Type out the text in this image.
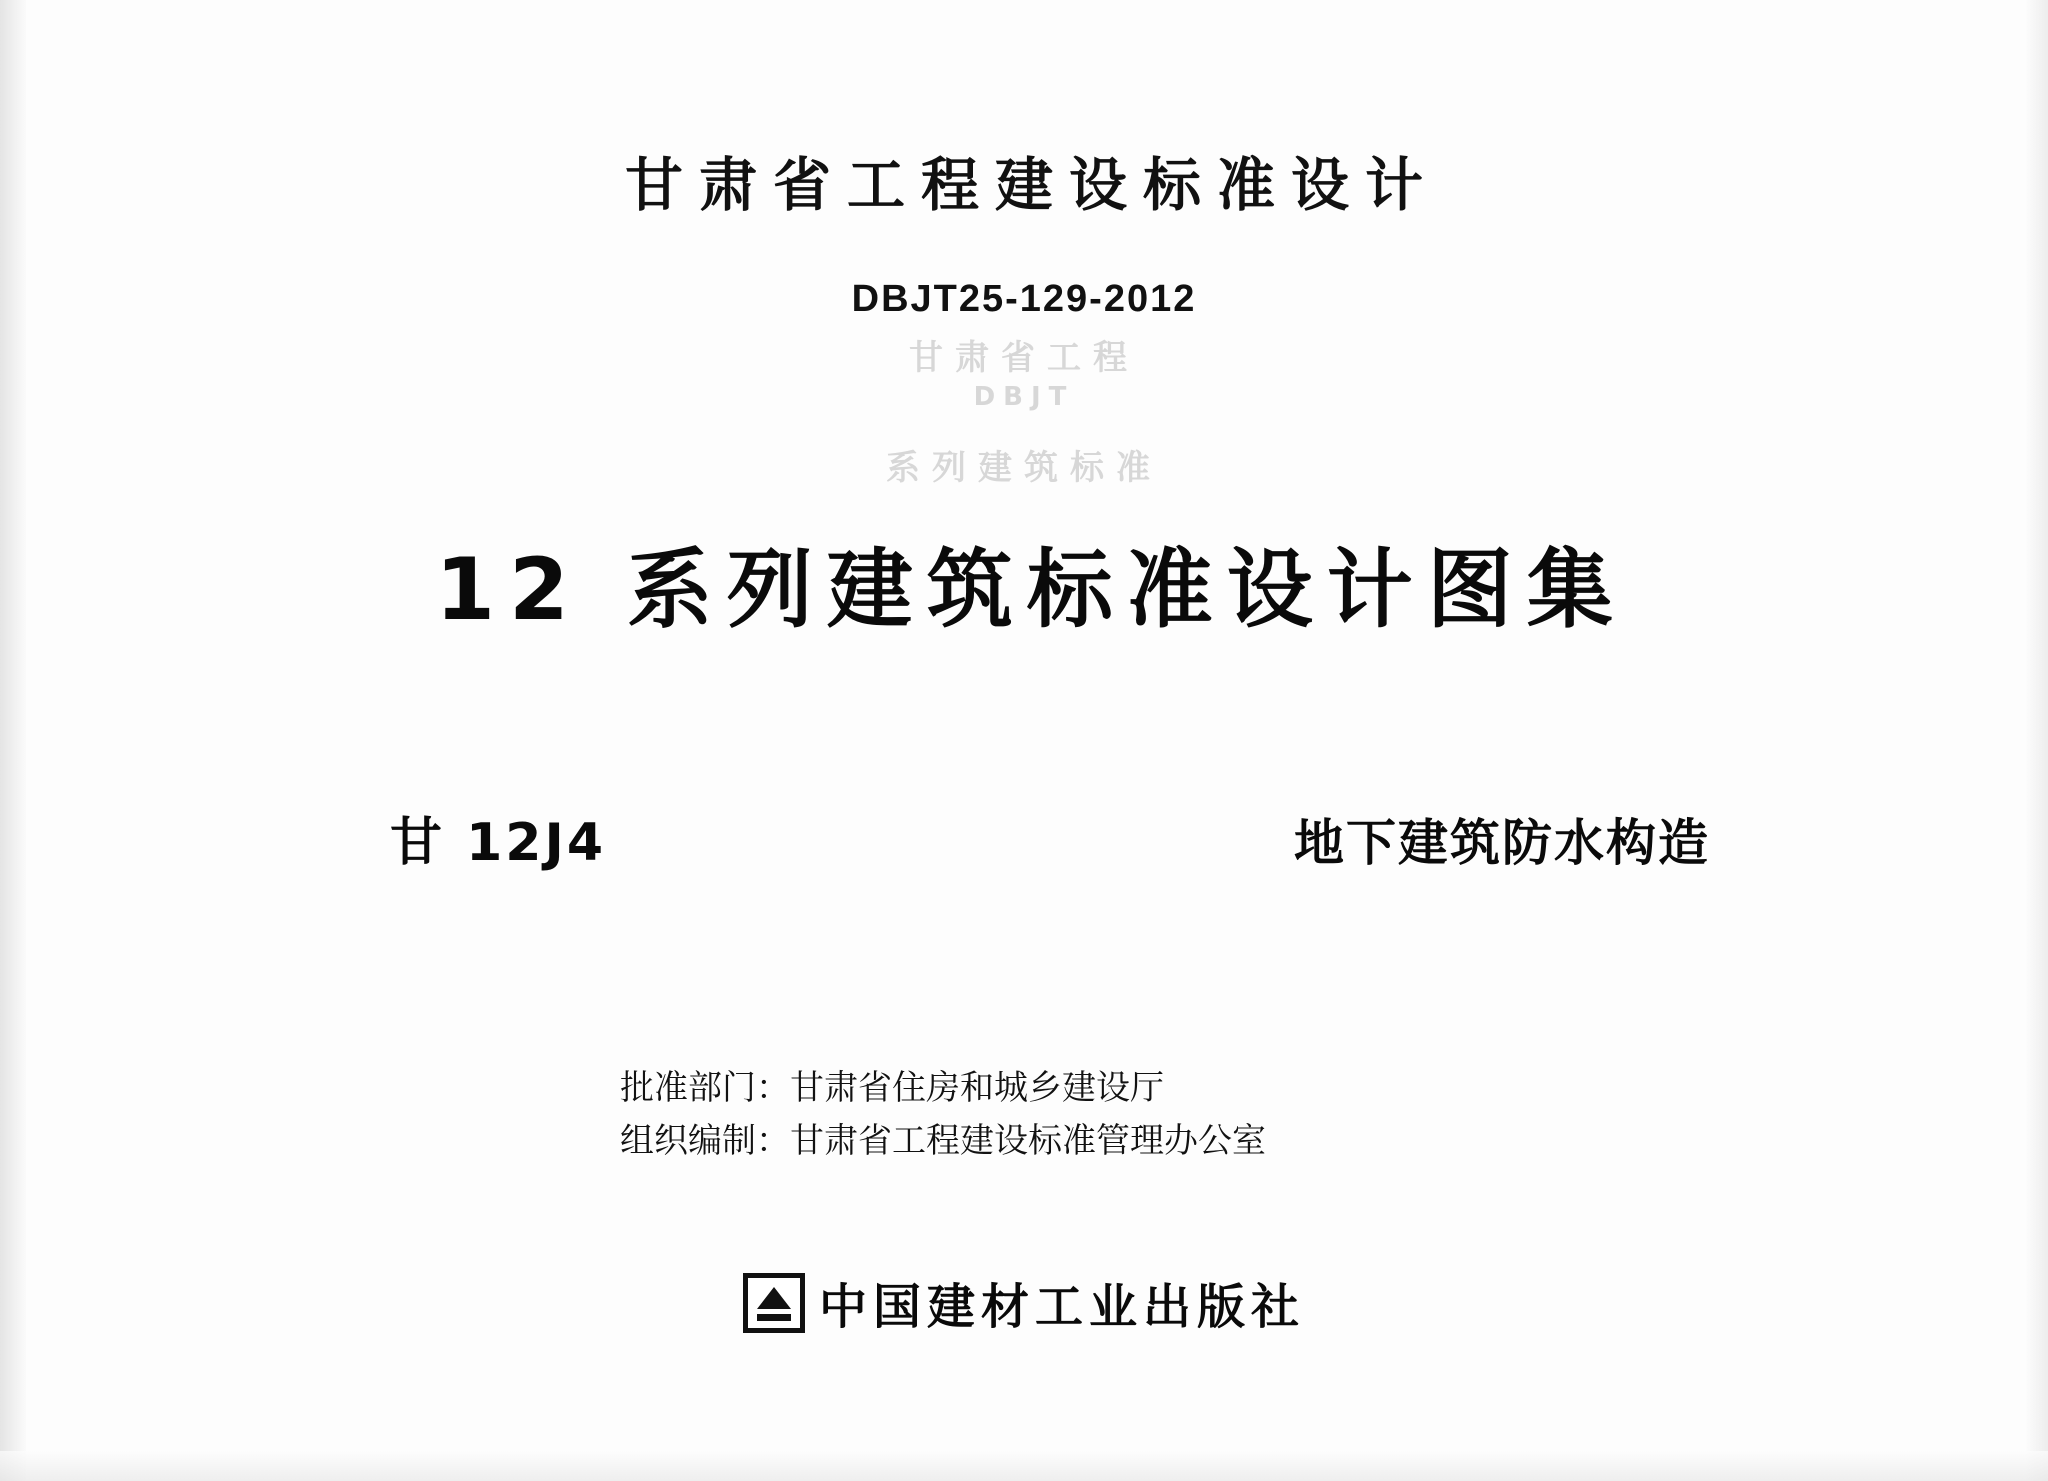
甘肃省工程
DBJT
系列建筑标准
甘肃省工程建设标准设计
DBJT25-129-2012
12 系列建筑标准设计图集
甘 12J4	地下建筑防水构造
批准部门：甘肃省住房和城乡建设厅
组织编制：甘肃省工程建设标准管理办公室
中国建材工业出版社
